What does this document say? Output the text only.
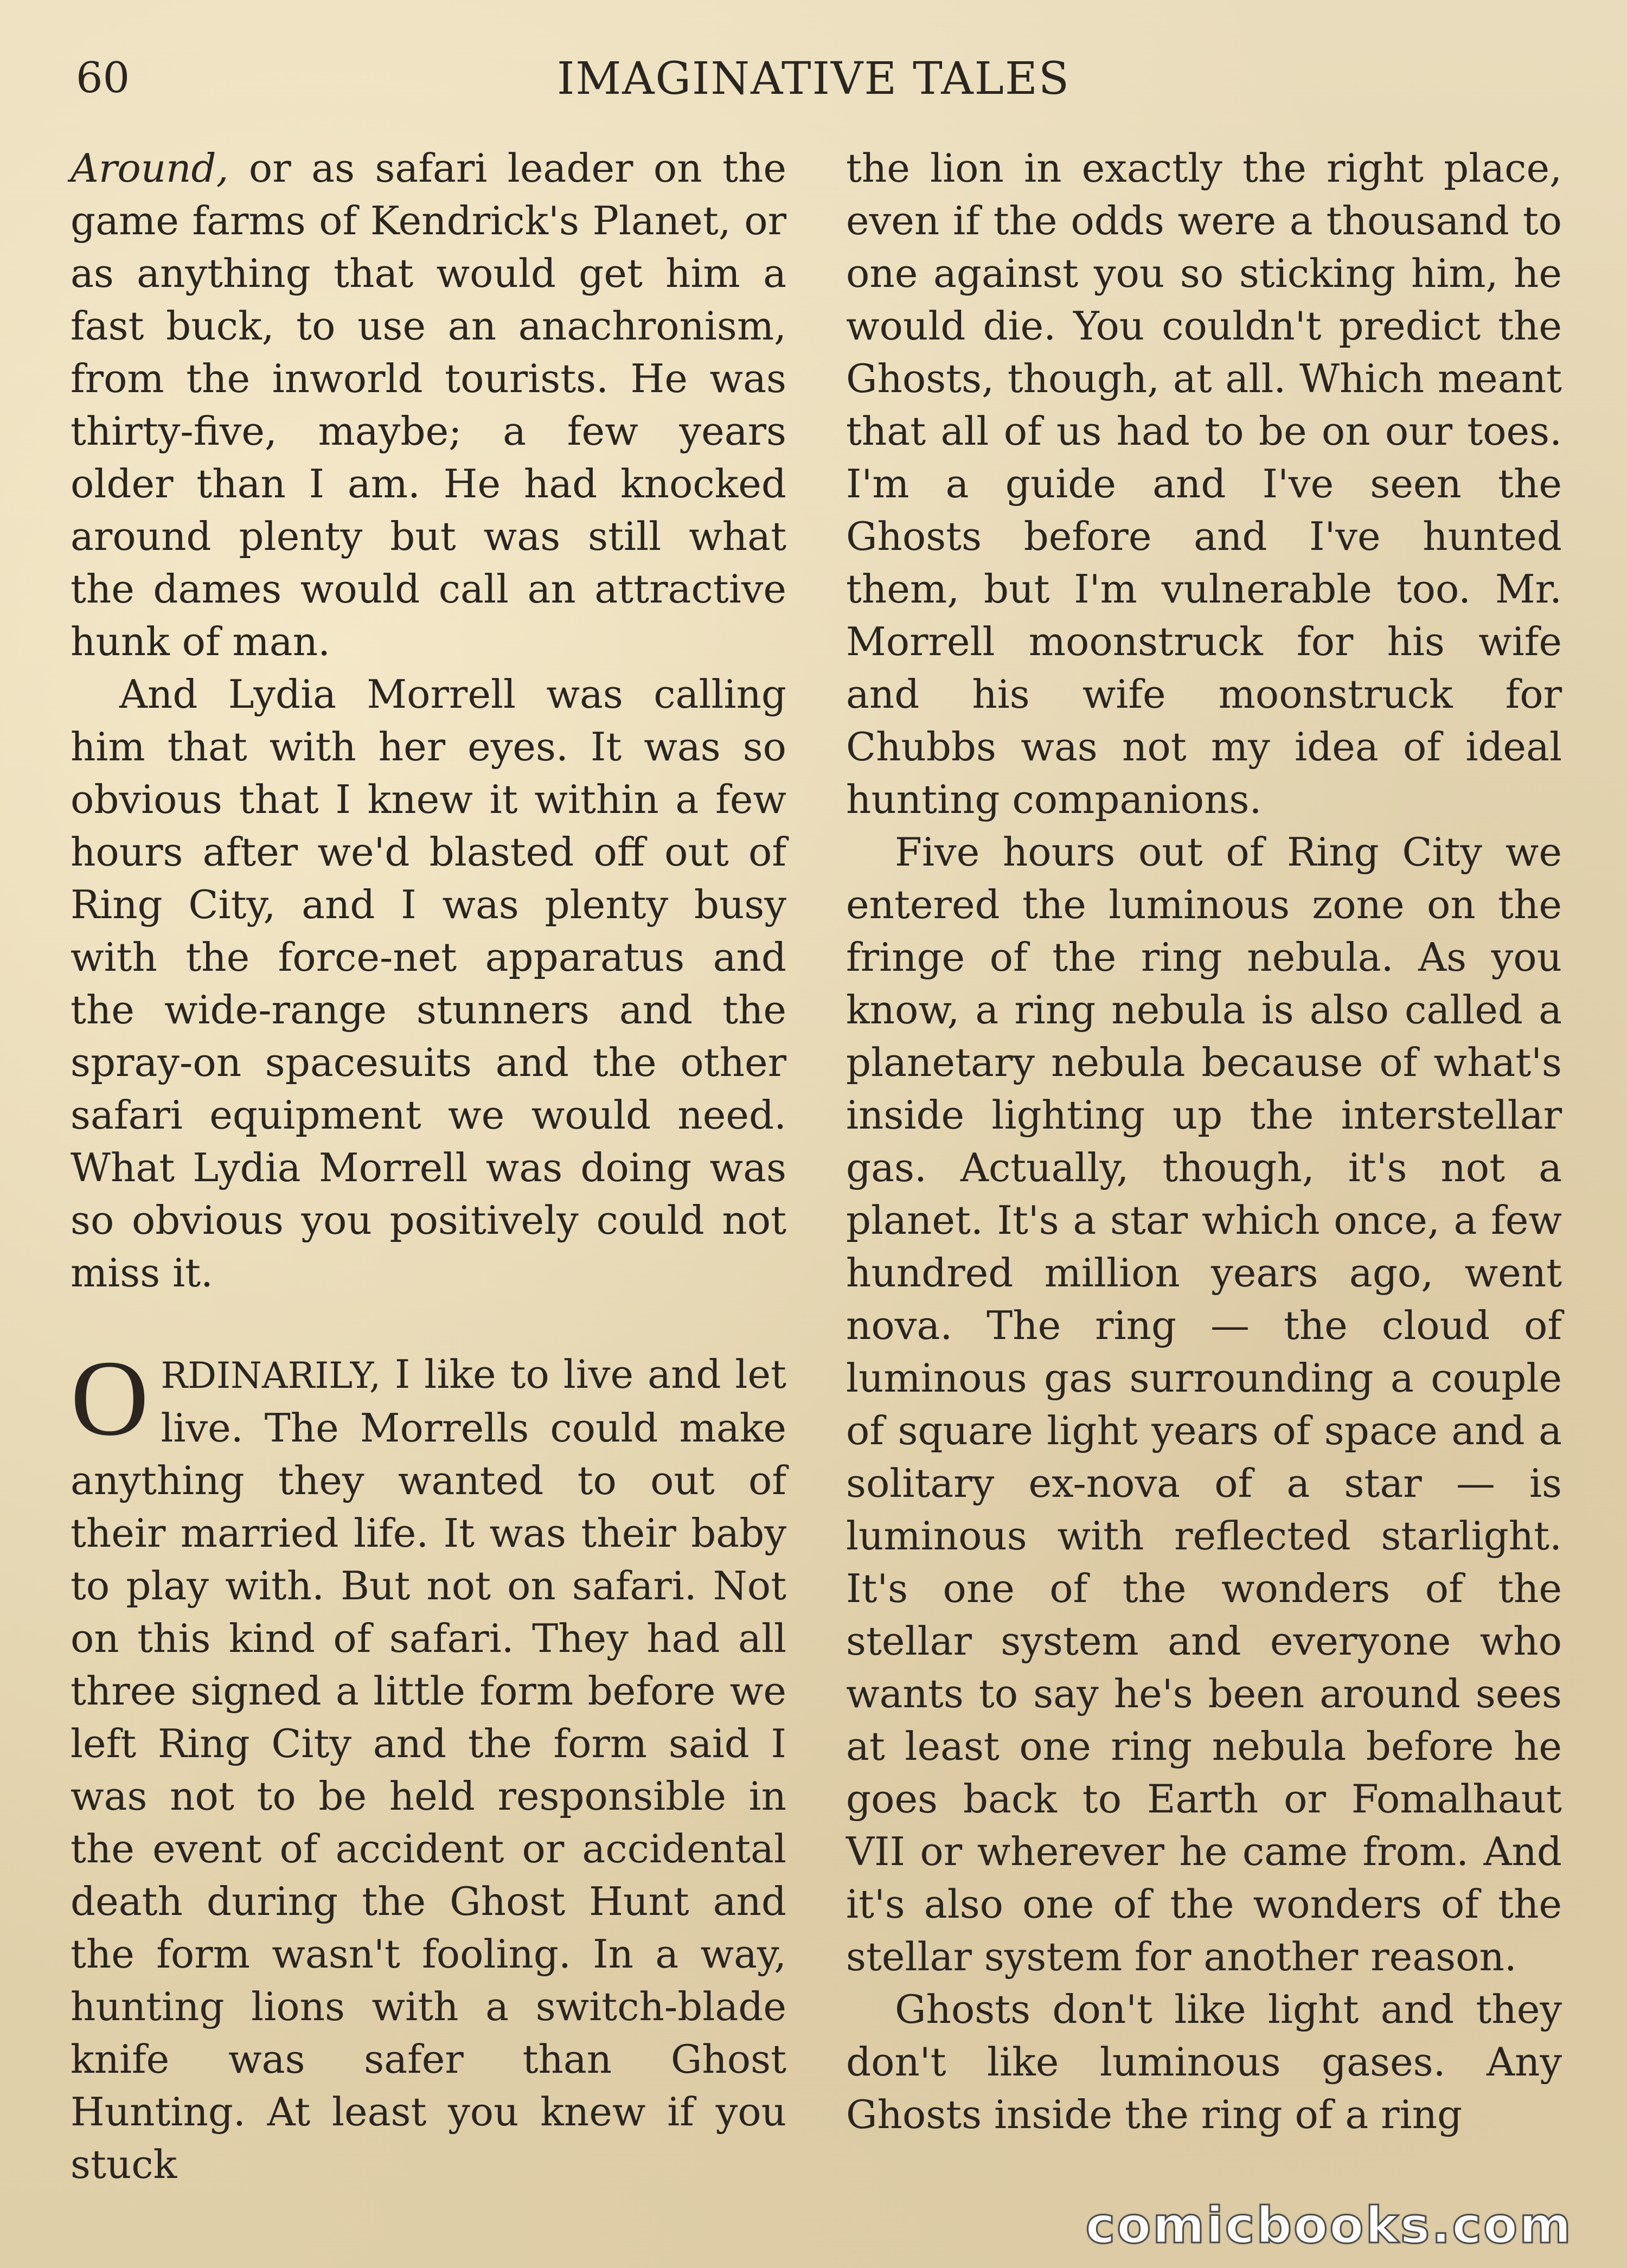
60	IMAGINATIVE TALES

Around, or as safari leader on the game farms of Kendrick's Planet, or as anything that would get him a fast buck, to use an anachronism, from the inworld tourists. He was thirty-five, maybe; a few years older than I am. He had knocked around plenty but was still what the dames would call an attractive hunk of man.

And Lydia Morrell was calling him that with her eyes. It was so obvious that I knew it within a few hours after we'd blasted off out of Ring City, and I was plenty busy with the force-net apparatus and the wide-range stunners and the spray-on spacesuits and the other safari equipment we would need. What Lydia Morrell was doing was so obvious you positively could not miss it.

ORDINARILY, I like to live and let live. The Morrells could make anything they wanted to out of their married life. It was their baby to play with. But not on safari. Not on this kind of safari. They had all three signed a little form before we left Ring City and the form said I was not to be held responsible in the event of accident or accidental death during the Ghost Hunt and the form wasn't fooling. In a way, hunting lions with a switch-blade knife was safer than Ghost Hunting. At least you knew if you stuck

the lion in exactly the right place, even if the odds were a thousand to one against you so sticking him, he would die. You couldn't predict the Ghosts, though, at all. Which meant that all of us had to be on our toes. I'm a guide and I've seen the Ghosts before and I've hunted them, but I'm vulnerable too. Mr. Morrell moonstruck for his wife and his wife moonstruck for Chubbs was not my idea of ideal hunting companions.

Five hours out of Ring City we entered the luminous zone on the fringe of the ring nebula. As you know, a ring nebula is also called a planetary nebula because of what's inside lighting up the interstellar gas. Actually, though, it's not a planet. It's a star which once, a few hundred million years ago, went nova. The ring — the cloud of luminous gas surrounding a couple of square light years of space and a solitary ex-nova of a star — is luminous with reflected starlight. It's one of the wonders of the stellar system and everyone who wants to say he's been around sees at least one ring nebula before he goes back to Earth or Fomalhaut VII or wherever he came from. And it's also one of the wonders of the stellar system for another reason.

Ghosts don't like light and they don't like luminous gases. Any Ghosts inside the ring of a ring

comicbooks.com
